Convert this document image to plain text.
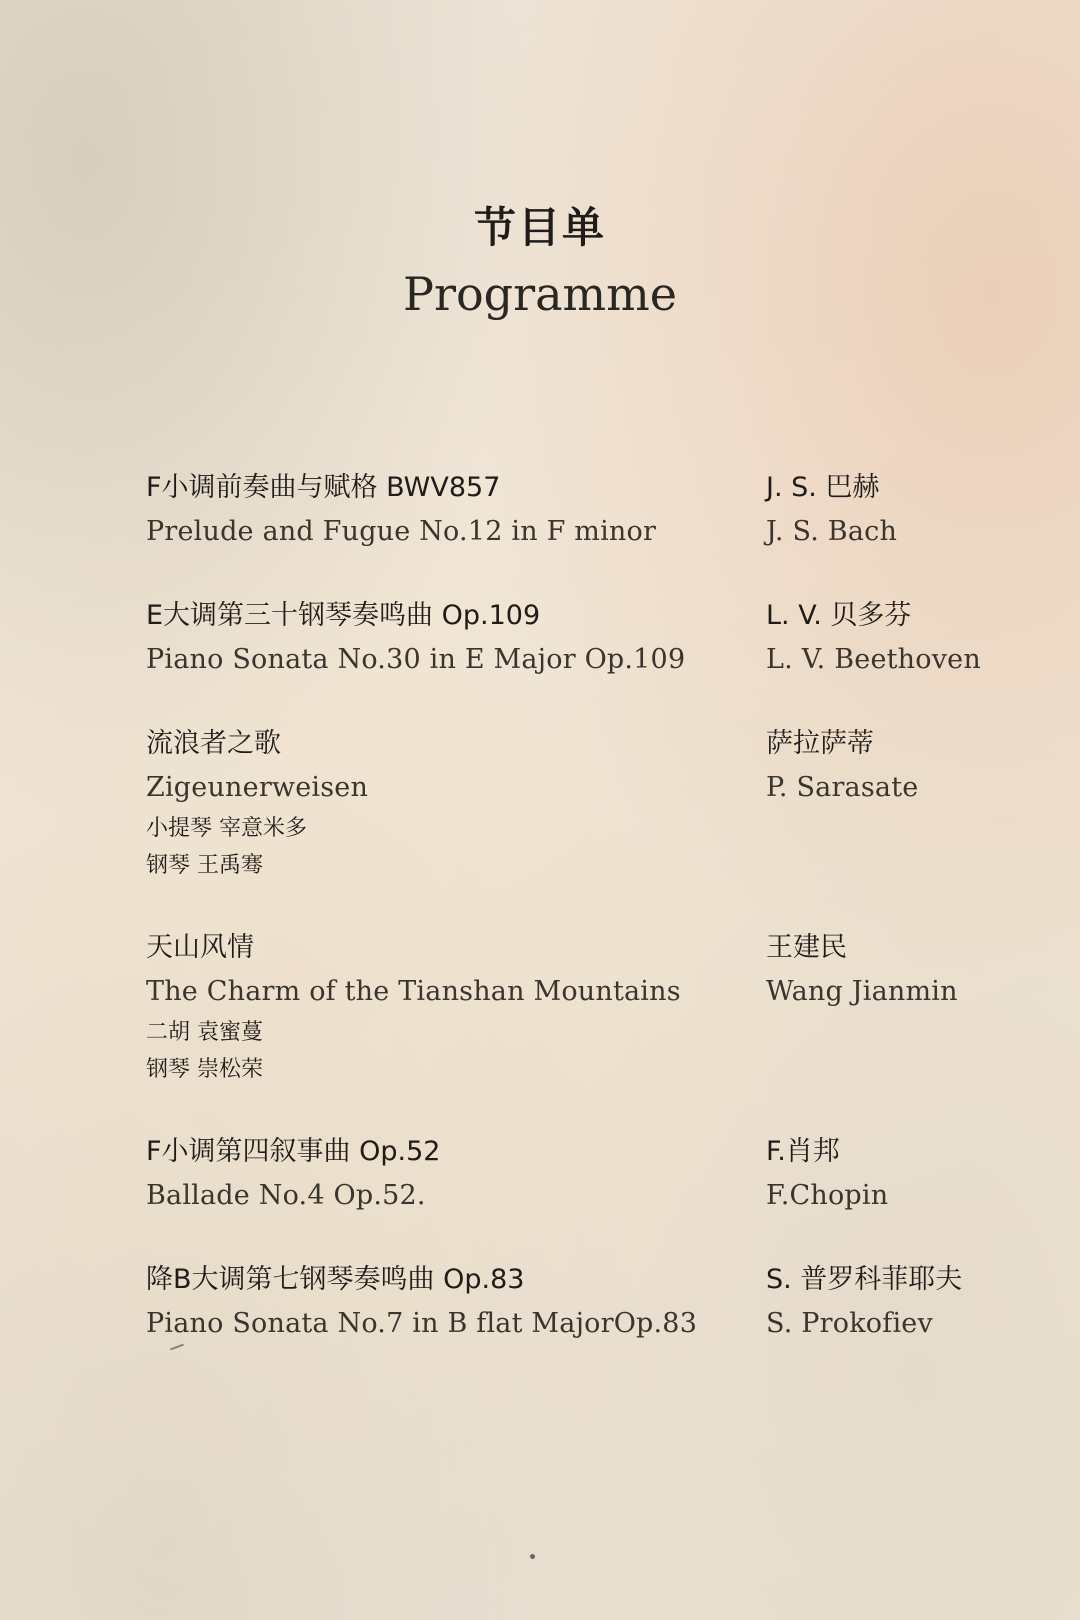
节目单
Programme
F小调前奏曲与赋格 BWV857
Prelude and Fugue No.12 in F minor
J. S. 巴赫
J. S. Bach
E大调第三十钢琴奏鸣曲 Op.109
Piano Sonata No.30 in E Major Op.109
L. V. 贝多芬
L. V. Beethoven
流浪者之歌
Zigeunerweisen
小提琴 宰意米多
钢琴 王禹骞
萨拉萨蒂
P. Sarasate
天山风情
The Charm of the Tianshan Mountains
二胡 袁蜜蔓
钢琴 崇松荣
王建民
Wang Jianmin
F小调第四叙事曲 Op.52
Ballade No.4 Op.52.
F.肖邦
F.Chopin
降B大调第七钢琴奏鸣曲 Op.83
Piano Sonata No.7 in B flat MajorOp.83
S. 普罗科菲耶夫
S. Prokofiev
